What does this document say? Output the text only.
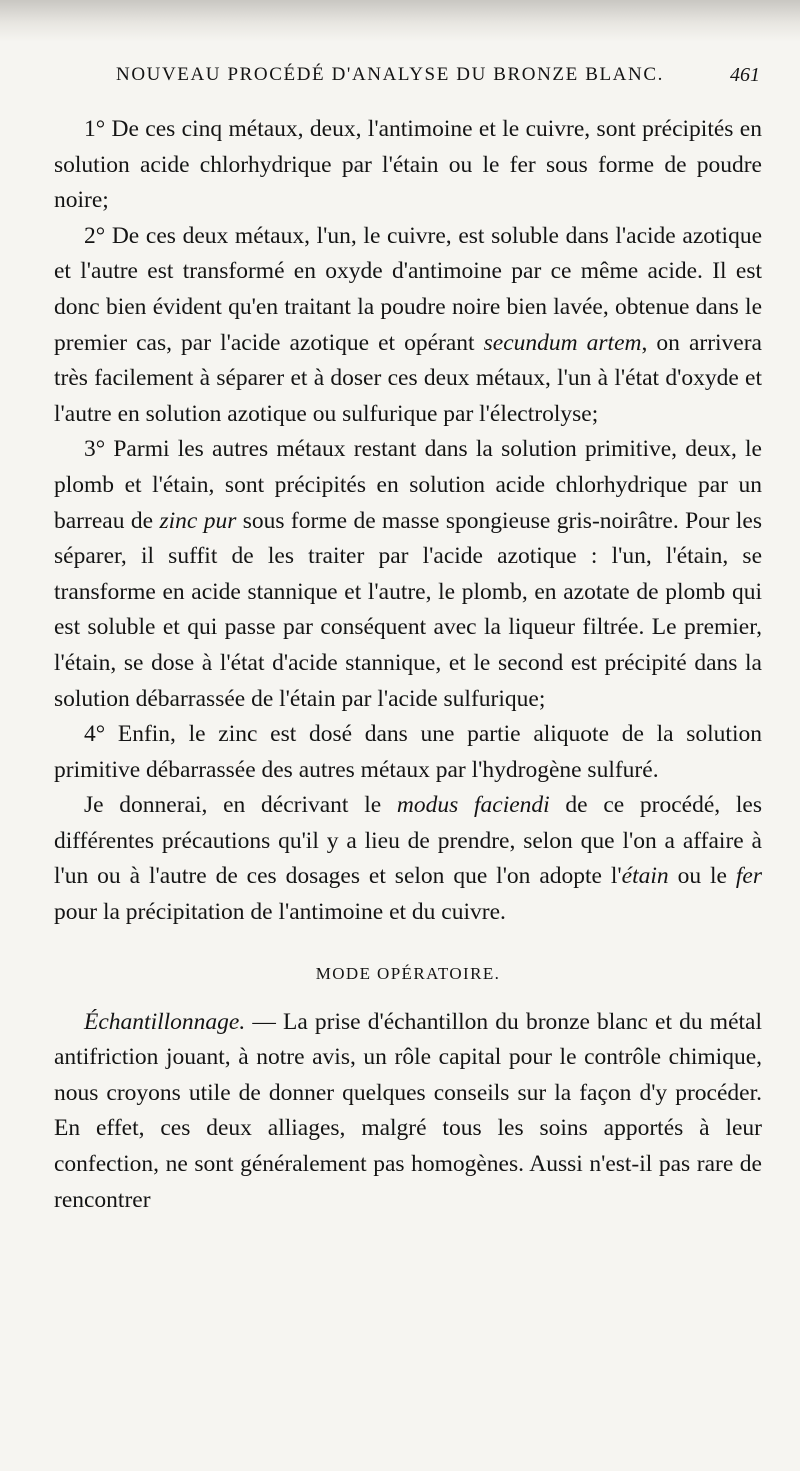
NOUVEAU PROCÉDÉ D'ANALYSE DU BRONZE BLANC.	461

1° De ces cinq métaux, deux, l'antimoine et le cuivre, sont précipités en solution acide chlorhydrique par l'étain ou le fer sous forme de poudre noire;

2° De ces deux métaux, l'un, le cuivre, est soluble dans l'acide azotique et l'autre est transformé en oxyde d'antimoine par ce même acide. Il est donc bien évident qu'en traitant la poudre noire bien lavée, obtenue dans le premier cas, par l'acide azotique et opérant secundum artem, on arrivera très facilement à séparer et à doser ces deux métaux, l'un à l'état d'oxyde et l'autre en solution azotique ou sulfurique par l'électrolyse;

3° Parmi les autres métaux restant dans la solution primitive, deux, le plomb et l'étain, sont précipités en solution acide chlorhydrique par un barreau de zinc pur sous forme de masse spongieuse gris-noirâtre. Pour les séparer, il suffit de les traiter par l'acide azotique : l'un, l'étain, se transforme en acide stannique et l'autre, le plomb, en azotate de plomb qui est soluble et qui passe par conséquent avec la liqueur filtrée. Le premier, l'étain, se dose à l'état d'acide stannique, et le second est précipité dans la solution débarrassée de l'étain par l'acide sulfurique;

4° Enfin, le zinc est dosé dans une partie aliquote de la solution primitive débarrassée des autres métaux par l'hydrogène sulfuré.

Je donnerai, en décrivant le modus faciendi de ce procédé, les différentes précautions qu'il y a lieu de prendre, selon que l'on a affaire à l'un ou à l'autre de ces dosages et selon que l'on adopte l'étain ou le fer pour la précipitation de l'antimoine et du cuivre.

MODE OPÉRATOIRE.

Échantillonnage. — La prise d'échantillon du bronze blanc et du métal antifriction jouant, à notre avis, un rôle capital pour le contrôle chimique, nous croyons utile de donner quelques conseils sur la façon d'y procéder. En effet, ces deux alliages, malgré tous les soins apportés à leur confection, ne sont généralement pas homogènes. Aussi n'est-il pas rare de rencontrer
